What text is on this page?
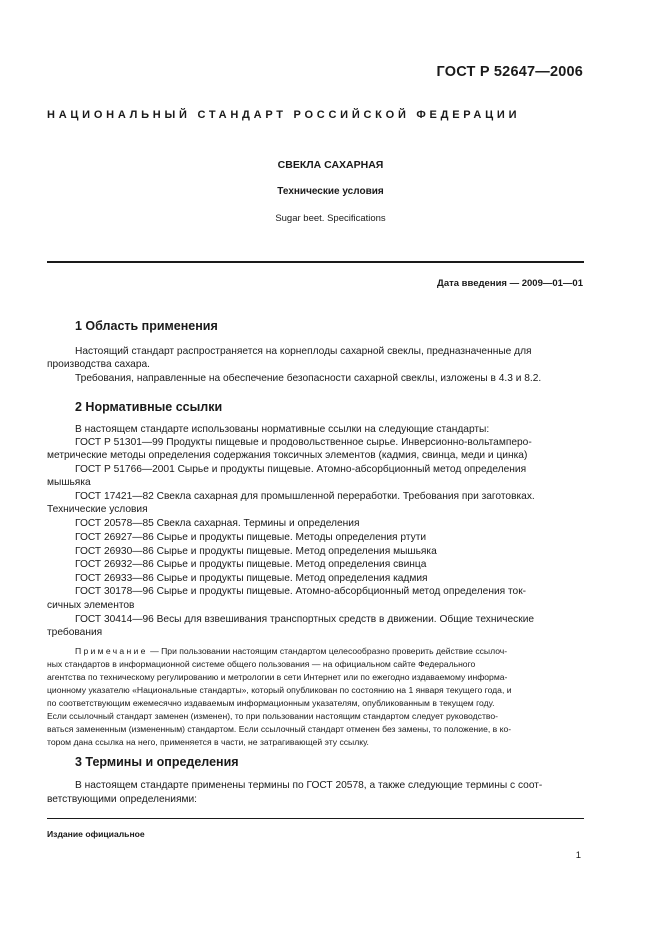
ГОСТ Р 52647—2006
НАЦИОНАЛЬНЫЙ СТАНДАРТ РОССИЙСКОЙ ФЕДЕРАЦИИ
СВЕКЛА САХАРНАЯ
Технические условия
Sugar beet. Specifications
Дата введения — 2009—01—01
1 Область применения
Настоящий стандарт распространяется на корнеплоды сахарной свеклы, предназначенные для
производства сахара.
Требования, направленные на обеспечение безопасности сахарной свеклы, изложены в 4.3 и 8.2.
2 Нормативные ссылки
В настоящем стандарте использованы нормативные ссылки на следующие стандарты:
ГОСТ Р 51301—99 Продукты пищевые и продовольственное сырье. Инверсионно-вольтамперо-
метрические методы определения содержания токсичных элементов (кадмия, свинца, меди и цинка)
ГОСТ Р 51766—2001 Сырье и продукты пищевые. Атомно-абсорбционный метод определения
мышьяка
ГОСТ 17421—82 Свекла сахарная для промышленной переработки. Требования при заготовках.
Технические условия
ГОСТ 20578—85 Свекла сахарная. Термины и определения
ГОСТ 26927—86 Сырье и продукты пищевые. Методы определения ртути
ГОСТ 26930—86 Сырье и продукты пищевые. Метод определения мышьяка
ГОСТ 26932—86 Сырье и продукты пищевые. Метод определения свинца
ГОСТ 26933—86 Сырье и продукты пищевые. Метод определения кадмия
ГОСТ 30178—96 Сырье и продукты пищевые. Атомно-абсорбционный метод определения ток-
сичных элементов
ГОСТ 30414—96 Весы для взвешивания транспортных средств в движении. Общие технические
требования
Примечание — При пользовании настоящим стандартом целесообразно проверить действие ссылоч-
ных стандартов в информационной системе общего пользования — на официальном сайте Федерального
агентства по техническому регулированию и метрологии в сети Интернет или по ежегодно издаваемому информа-
ционному указателю «Национальные стандарты», который опубликован по состоянию на 1 января текущего года, и
по соответствующим ежемесячно издаваемым информационным указателям, опубликованным в текущем году.
Если ссылочный стандарт заменен (изменен), то при пользовании настоящим стандартом следует руководство-
ваться замененным (измененным) стандартом. Если ссылочный стандарт отменен без замены, то положение, в ко-
тором дана ссылка на него, применяется в части, не затрагивающей эту ссылку.
3 Термины и определения
В настоящем стандарте применены термины по ГОСТ 20578, а также следующие термины с соот-
ветствующими определениями:
Издание официальное
1
